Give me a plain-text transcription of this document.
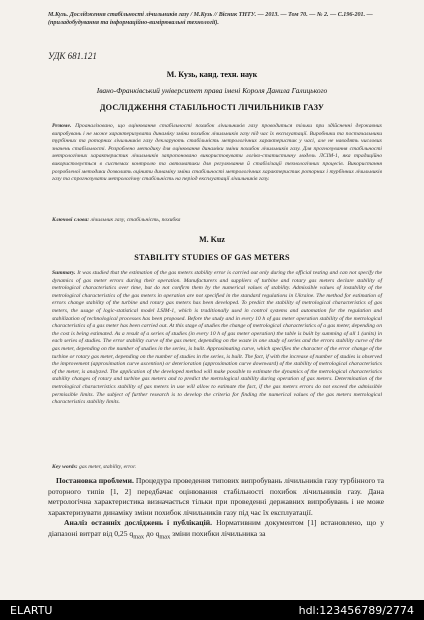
М.Кузь. Дослідження стабільності лічильників газу / М.Кузь // Вісник ТНТУ. — 2013. — Том 70. — № 2. — С.196-201. — (приладобудування та інформаційно-вимірювальні технології).
УДК 681.121
М. Кузь, канд. техн. наук
Івано-Франківський університет права імені Короля Данила Галицького
ДОСЛІДЖЕННЯ СТАБІЛЬНОСТІ ЛІЧИЛЬНИКІВ ГАЗУ
Резюме. Проаналізовано, що оцінювання стабільності похибок лічильників газу проводиться тільки при здійсненні державних випробувань і не може характеризувати динаміку зміни похибок лічильників газу під час їх експлуатації. Виробники та постачальники турбінних та роторних лічильників газу декларують стабільність метрологічних характеристик у часі, але не наводять числових значень стабільності. Розроблено методику для оцінювання динаміки зміни похибок лічильників газу. Для прогнозування стабільності метрологічних характеристик лічильників запропоновано використовувати логіко-статистичну модель ЛСІМ-1, яка традиційно використовується в системах контролю та автоматики для регулювання й стабілізації технологічних процесів. Використання розробленої методики дозволить оцінити динаміку зміни стабільності метрологічних характеристик роторних і турбінних лічильників газу та спрогнозувати метрологічну стабільність на період експлуатації лічильників газу.
Ключові слова: лічильник газу, стабільність, похибка
M. Kuz
STABILITY STUDIES OF GAS METERS
Summary. It was studied that the estimation of the gas meters stability error is carried out only during the official testing and can not specify the dynamics of gas meter errors during their operation. Manufacturers and suppliers of turbine and rotary gas meters declare stability of metrological characteristics over time, but do not confirm them by the numerical values of stability. Admissible values of instability of the metrological characteristics of the gas meters in operation are not specified in the standard regulations in Ukraine. The method for estimation of errors change stability of the turbine and rotary gas meters has been developed. To predict the stability of metrological characteristics of gas meters, the usage of logic-statistical model LSIM-1, which is traditionally used in control systems and automation for the regulation and stabilization of technological processes has been proposed. Before the study and in every 10 h of gas meter operation stability of the metrological characteristics of a gas meter has been carried out. At this stage of studies the change of metrological characteristics of a gas meter, depending on the cost is being estimated. As a result of a series of studies (in every 10 h of gas meter operation) the table is built by summing of all 1 (units) in each series of studies. The error stability curve of the gas meter, depending on the waste in one study of series and the errors stability curve of the gas meter, depending on the number of studies in the series, is built. Approximating curve, which specifies the character of the error change of the turbine or rotary gas meter, depending on the number of studies in the series, is built. The fact, if with the increase of number of studies is observed the improvement (approximation curve ascention) or deterioration (approximation curve downward) of the stability of metrological characteristics of the meter, is analyzed. The application of the developed method will make possible to estimate the dynamics of the metrological characteristics stability changes of rotary and turbine gas meters and to predict the metrological stability during operation of gas meters. Determination of the metrological characteristics stability of gas meters in use will allow to estimate the fact, if the gas meters errors do not exceed the admissible permissible limits. The subject of further research is to develop the criteria for finding the numerical values of the gas meters metrological characteristics stability limits.
Key words: gas meter, stability, error.
Постановка проблеми. Процедура проведення типових випробувань лічильників газу турбінного та роторного типів [1, 2] передбачає оцінювання стабільності похибок лічильників газу. Дана метрологічна характеристика визначається тільки при проведенні державних випробувань і не може характеризувати динаміку зміни похибок лічильників газу під час їх експлуатації.
Аналіз останніх досліджень і публікацій. Нормативним документом [1] встановлено, що у діапазоні витрат від 0,25 $q_{max}$ до $q_{max}$ зміни похибки лічильника за
ELARTU	hdl:123456789/2774
